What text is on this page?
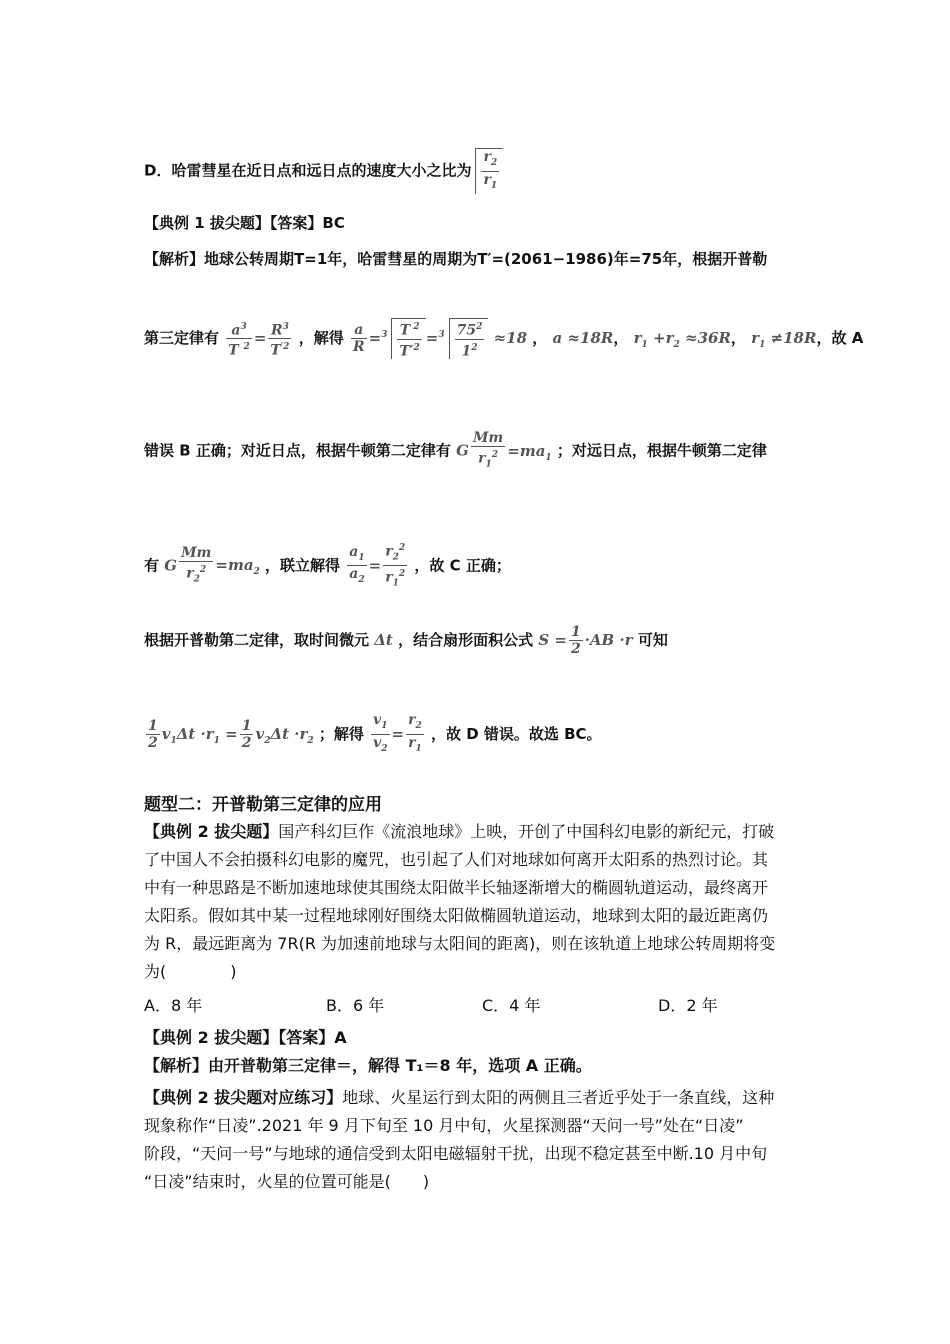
D．哈雷彗星在近日点和远日点的速度大小之比为 $\frac{r_2}{r_1}$
【典例 1 拔尖题】【答案】BC
【解析】地球公转周期T=1年，哈雷彗星的周期为T′=(2061−1986)年=75年，根据开普勒
第三定律有 $\frac{a^3}{T ^2} = \frac{R^3}{T^{'2}}$ ，解得 $\frac{a}{R} =^3 \frac{T ^2}{T'^2} =^3 \frac{75^2}{1^2} \approx 18$ ， a ≈18R， $r_1 +r_2 \approx 36R$， $r_1 \ne 18R$，故 A
错误 B 正确；对近日点，根据牛顿第二定律有 G $\frac{Mm}{r_1^2} =ma_1$ ；对远日点，根据牛顿第二定律
有 G $\frac{Mm}{r_2^2} =ma_2$ ，联立解得 $\frac{a_1}{a_2} = \frac{r_2^2}{r_1^2}$ ，故 C 正确；
根据开普勒第二定律，取时间微元 Δt ，结合扇形面积公式 $S = \frac{1}{2} \cdot AB \cdot r$ 可知
$\frac{1}{2} v_1\Delta t \cdot r_1 = \frac{1}{2} v_2\Delta t \cdot r_2$ ；解得 $\frac{v_1}{v_2} = \frac{r_2}{r_1}$ ，故 D 错误。故选 BC。
题型二：开普勒第三定律的应用
【典例 2 拔尖题】国产科幻巨作《流浪地球》上映，开创了中国科幻电影的新纪元，打破
了中国人不会拍摄科幻电影的魔咒，也引起了人们对地球如何离开太阳系的热烈讨论。其
中有一种思路是不断加速地球使其围绕太阳做半长轴逐渐增大的椭圆轨道运动，最终离开
太阳系。假如其中某一过程地球刚好围绕太阳做椭圆轨道运动，地球到太阳的最近距离仍
为 R，最远距离为 7R(R 为加速前地球与太阳间的距离)，则在该轨道上地球公转周期将变
为(　　　　)
A．8 年	B．6 年	C．4 年	D．2 年
【典例 2 拔尖题】【答案】A
【解析】由开普勒第三定律＝，解得 T₁＝8 年，选项 A 正确。
【典例 2 拔尖题对应练习】地球、火星运行到太阳的两侧且三者近乎处于一条直线，这种
现象称作“日凌”.2021 年 9 月下旬至 10 月中旬，火星探测器“天问一号”处在“日凌”
阶段，“天问一号”与地球的通信受到太阳电磁辐射干扰，出现不稳定甚至中断.10 月中旬
“日凌”结束时，火星的位置可能是(　　)
